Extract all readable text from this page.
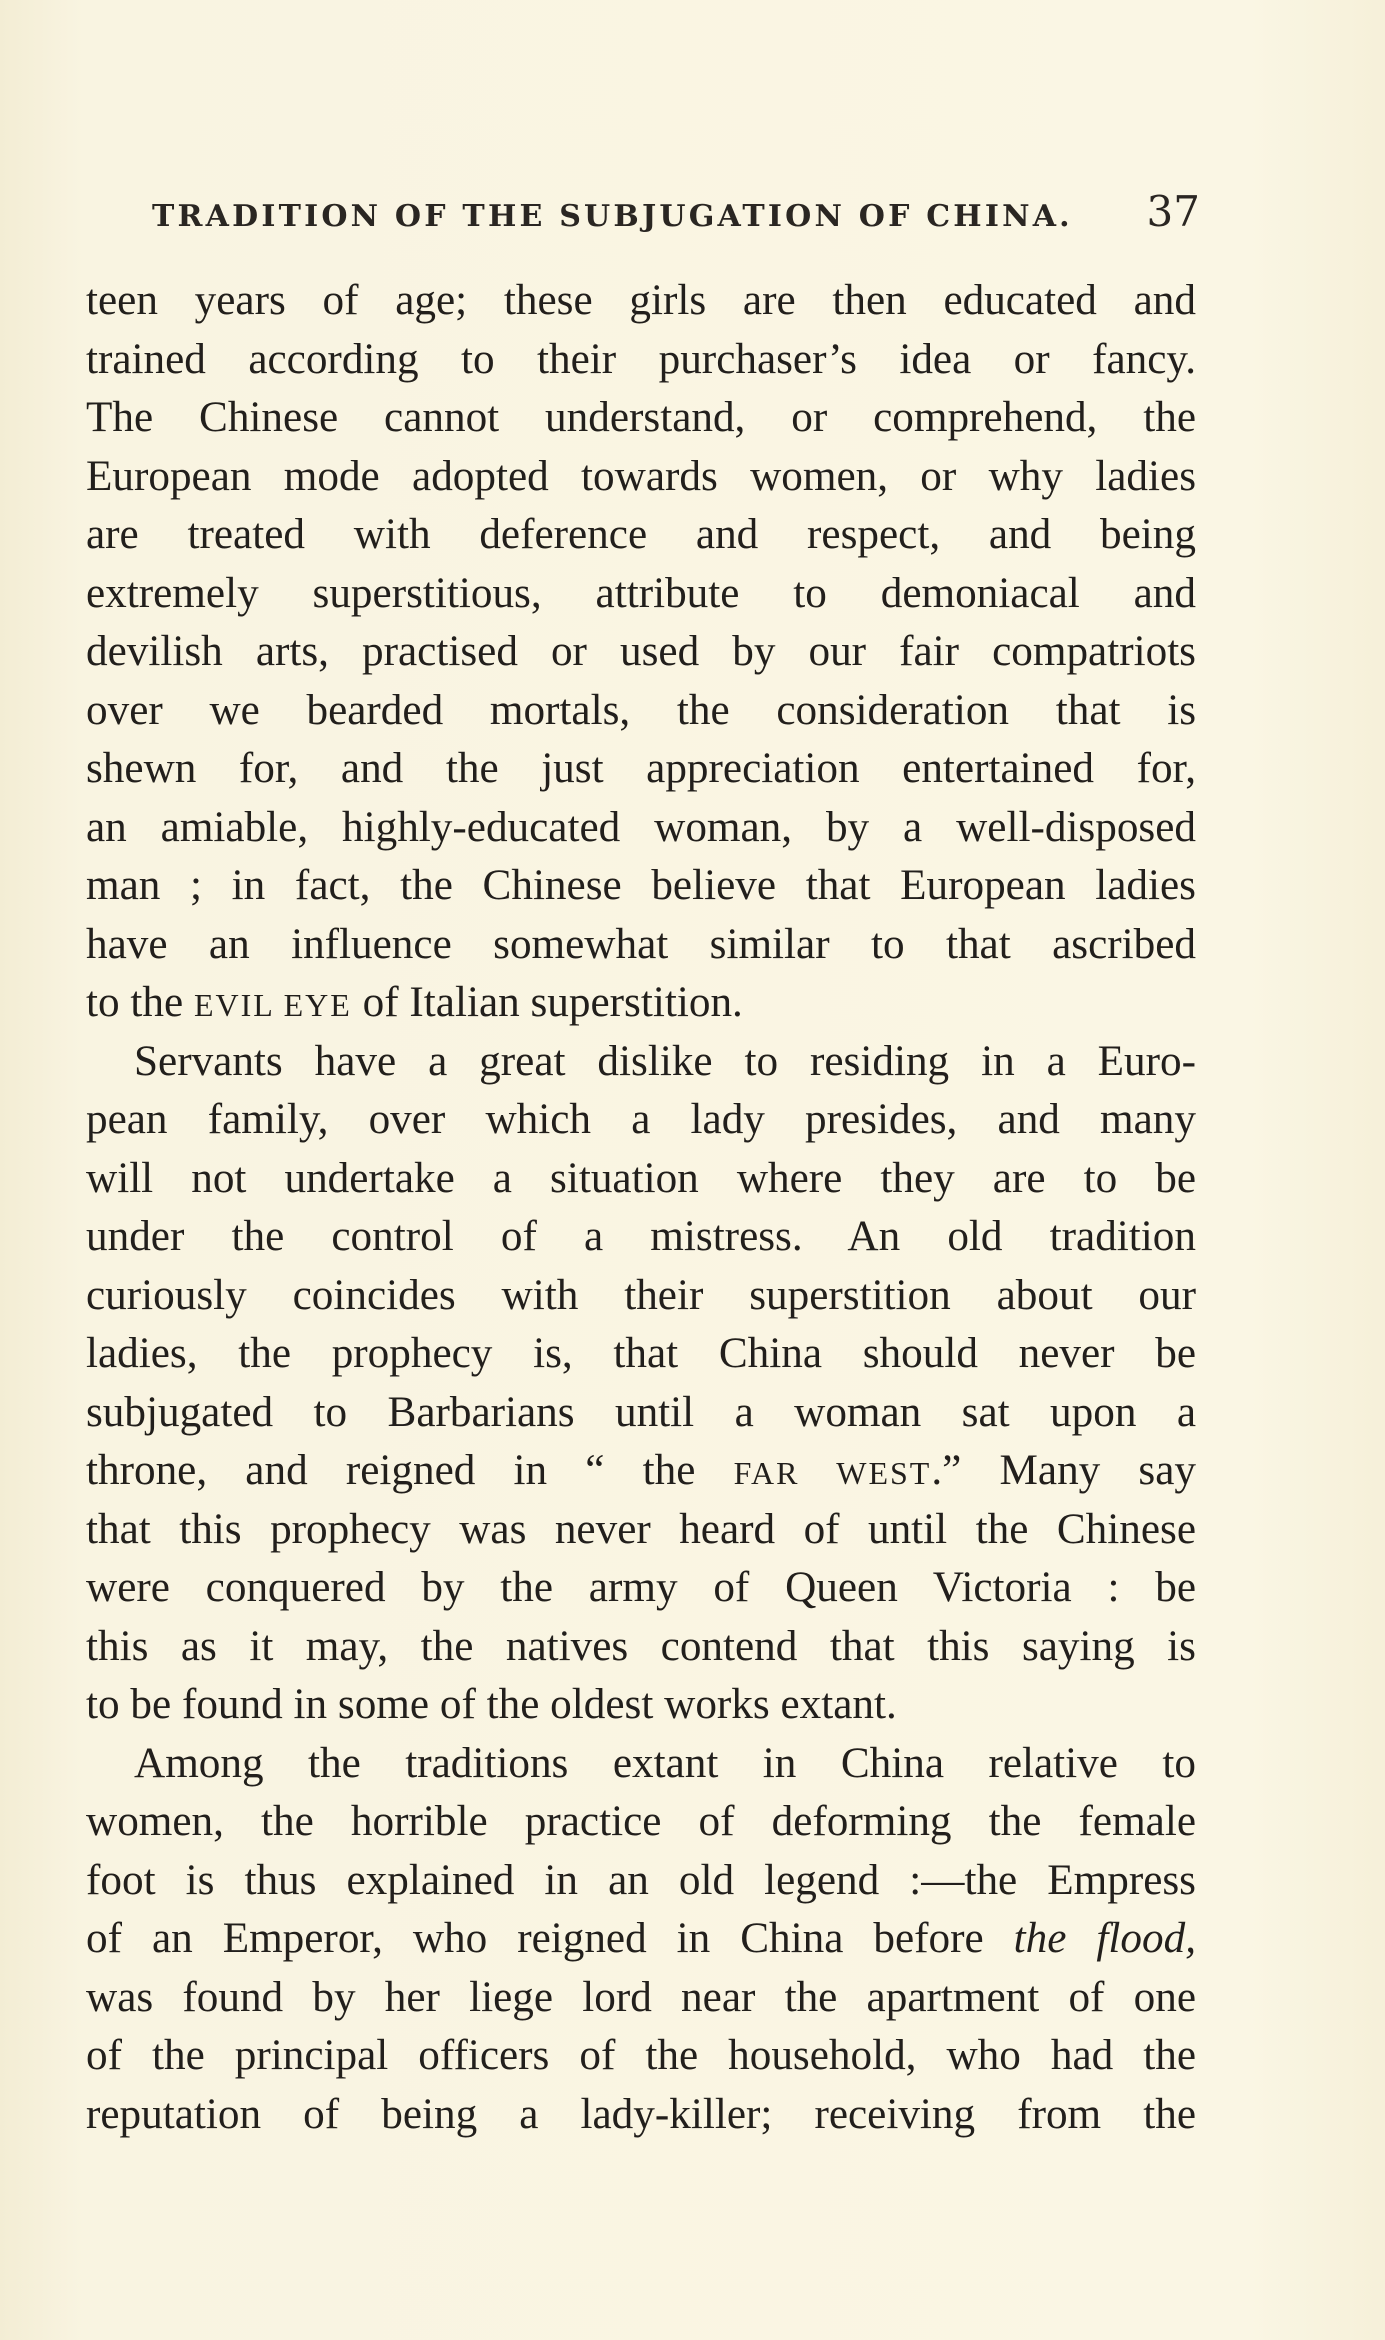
TRADITION OF THE SUBJUGATION OF CHINA. 37
teen years of age; these girls are then educated and
trained according to their purchaser’s idea or fancy.
The Chinese cannot understand, or comprehend, the
European mode adopted towards women, or why ladies
are treated with deference and respect, and being
extremely superstitious, attribute to demoniacal and
devilish arts, practised or used by our fair compatriots
over we bearded mortals, the consideration that is
shewn for, and the just appreciation entertained for,
an amiable, highly-educated woman, by a well-disposed
man ; in fact, the Chinese believe that European ladies
have an influence somewhat similar to that ascribed
to the EVIL EYE of Italian superstition.
Servants have a great dislike to residing in a Euro-
pean family, over which a lady presides, and many
will not undertake a situation where they are to be
under the control of a mistress. An old tradition
curiously coincides with their superstition about our
ladies, the prophecy is, that China should never be
subjugated to Barbarians until a woman sat upon a
throne, and reigned in “ the FAR WEST.” Many say
that this prophecy was never heard of until the Chinese
were conquered by the army of Queen Victoria : be
this as it may, the natives contend that this saying is
to be found in some of the oldest works extant.
Among the traditions extant in China relative to
women, the horrible practice of deforming the female
foot is thus explained in an old legend :—the Empress
of an Emperor, who reigned in China before the flood,
was found by her liege lord near the apartment of one
of the principal officers of the household, who had the
reputation of being a lady-killer; receiving from the
